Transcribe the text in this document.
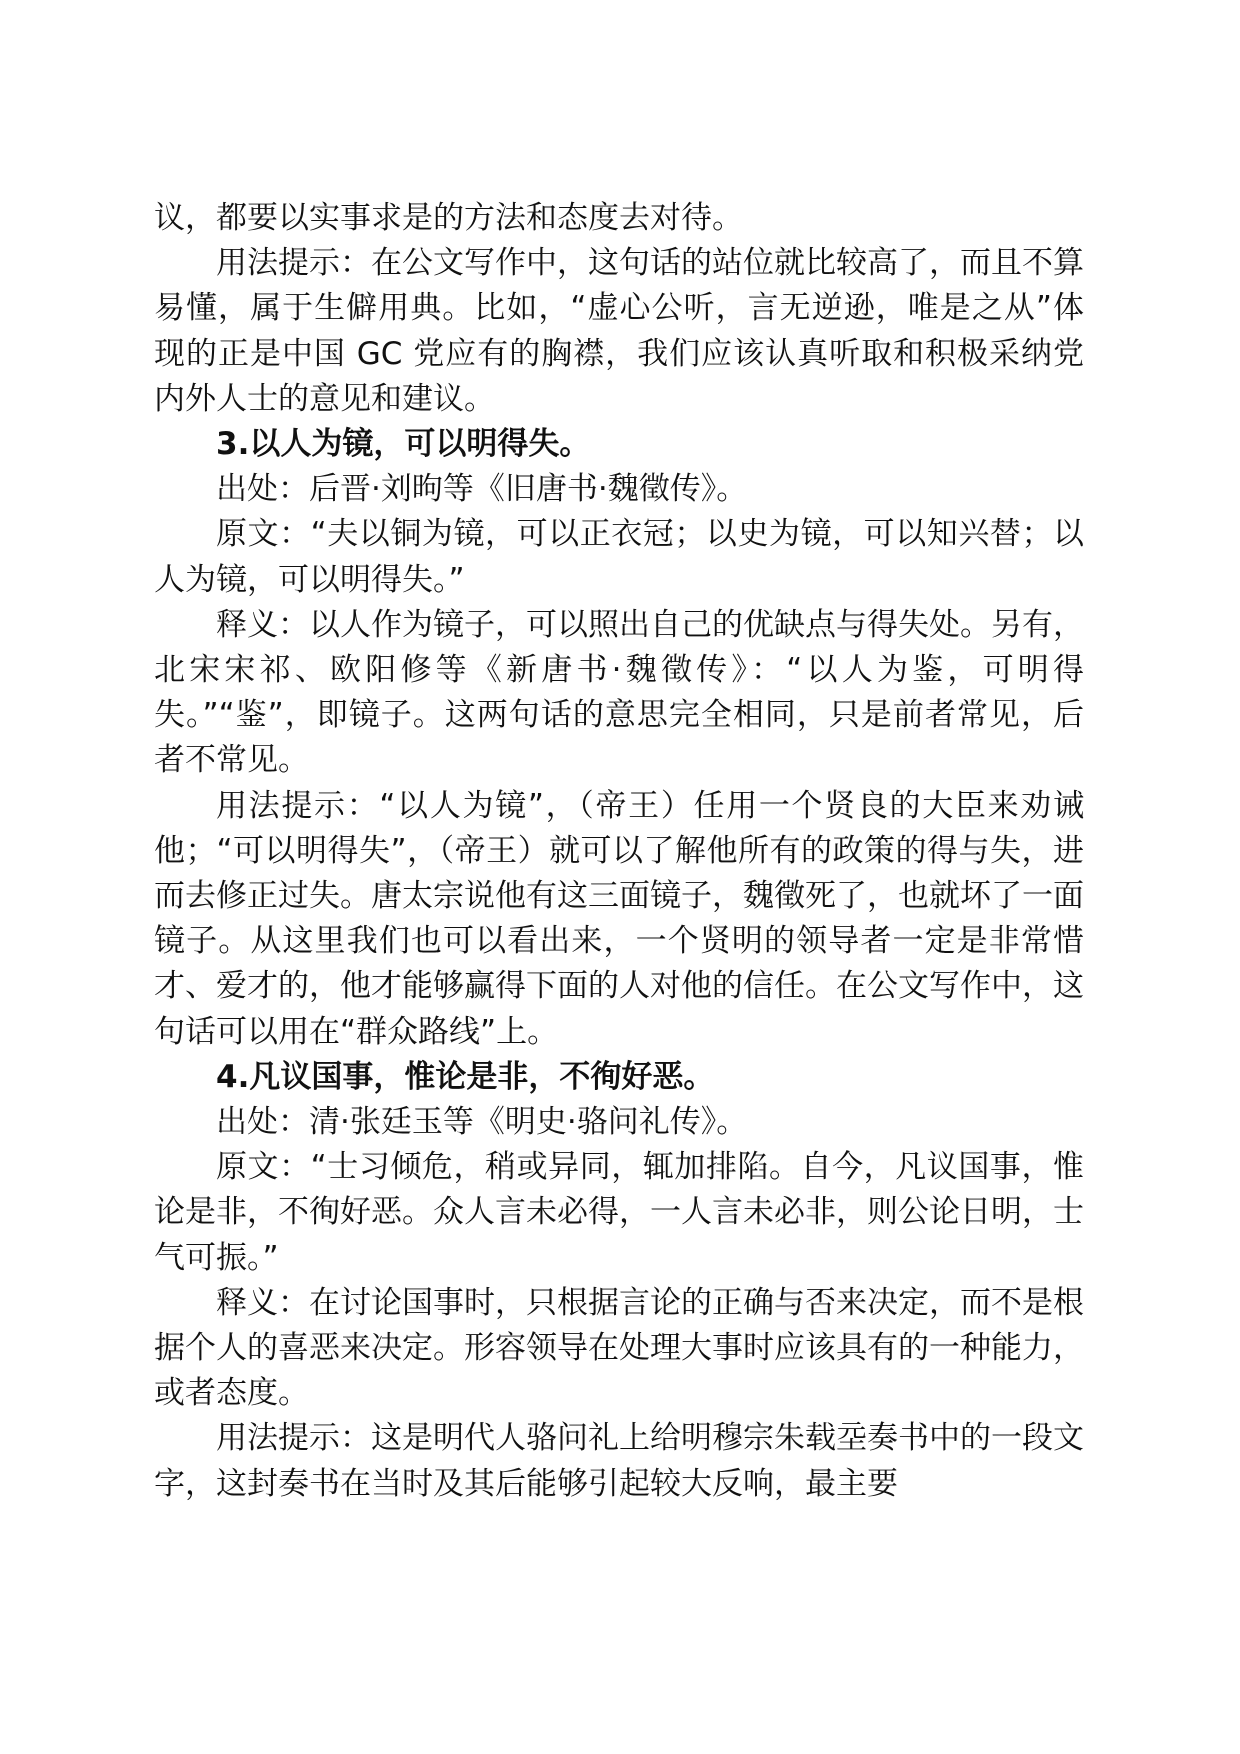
议，都要以实事求是的方法和态度去对待。

用法提示：在公文写作中，这句话的站位就比较高了，而且不算易懂，属于生僻用典。比如，“虚心公听，言无逆逊，唯是之从”体现的正是中国 GC 党应有的胸襟，我们应该认真听取和积极采纳党内外人士的意见和建议。

3.以人为镜，可以明得失。

出处：后晋·刘昫等《旧唐书·魏徵传》。

原文：“夫以铜为镜，可以正衣冠；以史为镜，可以知兴替；以人为镜，可以明得失。”

释义：以人作为镜子，可以照出自己的优缺点与得失处。另有，北宋宋祁、欧阳修等《新唐书·魏徵传》：“以人为鉴，可明得失。”“鉴”，即镜子。这两句话的意思完全相同，只是前者常见，后者不常见。

用法提示：“以人为镜”，（帝王）任用一个贤良的大臣来劝诫他；“可以明得失”，（帝王）就可以了解他所有的政策的得与失，进而去修正过失。唐太宗说他有这三面镜子，魏徵死了，也就坏了一面镜子。从这里我们也可以看出来，一个贤明的领导者一定是非常惜才、爱才的，他才能够赢得下面的人对他的信任。在公文写作中，这句话可以用在“群众路线”上。

4.凡议国事，惟论是非，不徇好恶。

出处：清·张廷玉等《明史·骆问礼传》。

原文：“士习倾危，稍或异同，辄加排陷。自今，凡议国事，惟论是非，不徇好恶。众人言未必得，一人言未必非，则公论日明，士气可振。”

释义：在讨论国事时，只根据言论的正确与否来决定，而不是根据个人的喜恶来决定。形容领导在处理大事时应该具有的一种能力，或者态度。

用法提示：这是明代人骆问礼上给明穆宗朱载坖奏书中的一段文字，这封奏书在当时及其后能够引起较大反响，最主要
